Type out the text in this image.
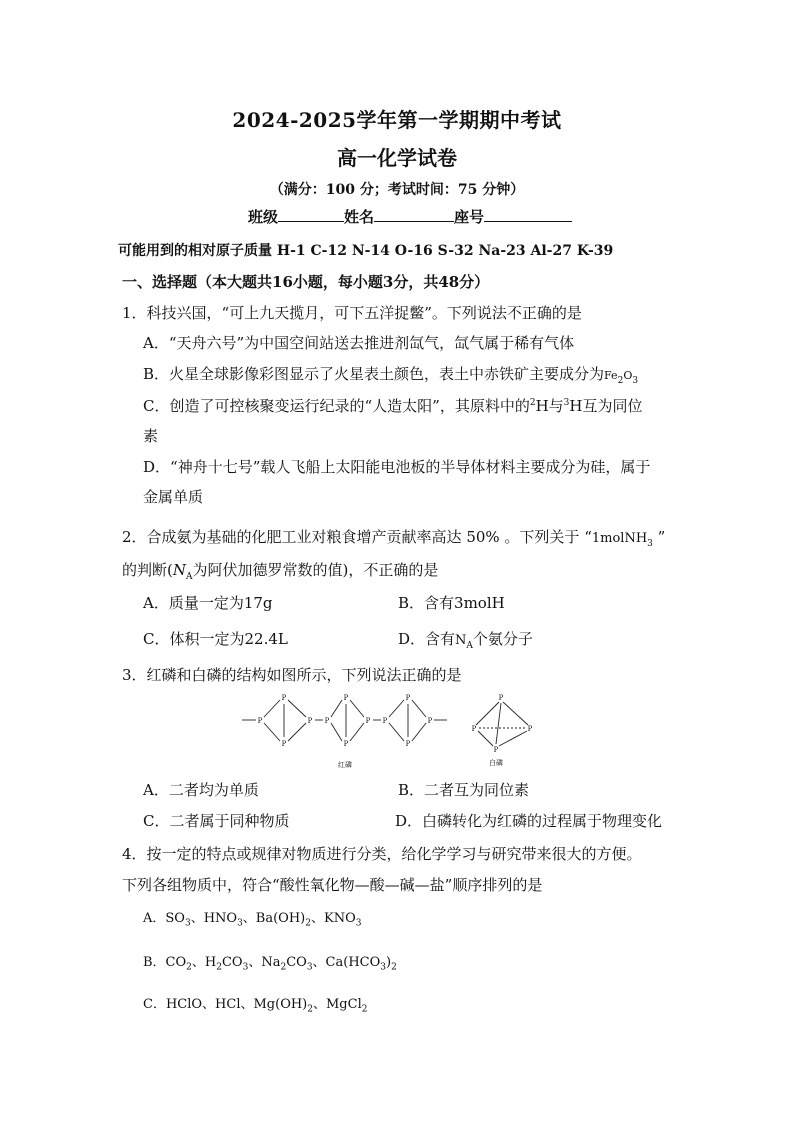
2024-2025学年第一学期期中考试
高一化学试卷
（满分：100 分；考试时间：75 分钟）
班级	姓名	座号
可能用到的相对原子质量 H-1 C-12 N-14 O-16 S-32 Na-23 Al-27 K-39
一、选择题（本大题共16小题，每小题3分，共48分）
1．科技兴国，“可上九天揽月，可下五洋捉鳖”。下列说法不正确的是
A．“天舟六号”为中国空间站送去推进剂氙气，氙气属于稀有气体
B．火星全球影像彩图显示了火星表土颜色，表土中赤铁矿主要成分为$Fe_2O_3$
C．创造了可控核聚变运行纪录的“人造太阳”，其原料中的$^2$H与$^3$H互为同位
素
D．“神舟十七号”载人飞船上太阳能电池板的半导体材料主要成分为硅，属于
金属单质
2．合成氨为基础的化肥工业对粮食增产贡献率高达 50% 。下列关于 “1molNH$_3$ ”
的判断($N_A$为阿伏加德罗常数的值)，不正确的是
A．质量一定为17g	B．含有3molH
C．体积一定为22.4L	D．含有$N_A$个氨分子
3．红磷和白磷的结构如图所示，下列说法正确的是
P
P
P
P P
P
P
P P
P
P
P
红磷
P
P	P
P
白磷
A．二者均为单质	B．二者互为同位素
C．二者属于同种物质	D．白磷转化为红磷的过程属于物理变化
4．按一定的特点或规律对物质进行分类，给化学学习与研究带来很大的方便。
下列各组物质中，符合“酸性氧化物—酸—碱—盐”顺序排列的是
A．$SO_3$、$HNO_3$、$Ba(OH)_2$、$KNO_3$
B．$CO_2$、$H_2CO_3$、$Na_2CO_3$、$Ca(HCO_3)_2$
C．HClO、HCl、$Mg(OH)_2$、MgCl$_2$
